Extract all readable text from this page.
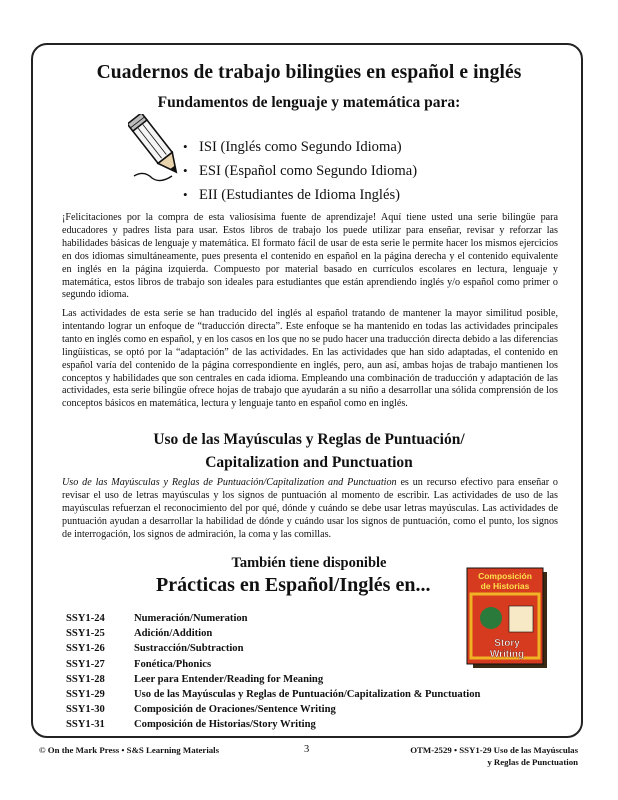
Cuadernos de trabajo bilingües en español e inglés
Fundamentos de lenguaje y matemática para:
• ISI (Inglés como Segundo Idioma)
• ESI (Español como Segundo Idioma)
• EII (Estudiantes de Idioma Inglés)

¡Felicitaciones por la compra de esta valiosísima fuente de aprendizaje! Aquí tiene usted una serie bilingüe para educadores y padres lista para usar. Estos libros de trabajo los puede utilizar para enseñar, revisar y reforzar las habilidades básicas de lenguaje y matemática. El formato fácil de usar de esta serie le permite hacer los mismos ejercicios en dos idiomas simultáneamente, pues presenta el contenido en español en la página derecha y el contenido equivalente en inglés en la página izquierda. Compuesto por material basado en currículos escolares en lectura, lenguaje y matemática, estos libros de trabajo son ideales para estudiantes que están aprendiendo inglés y/o español como primer o segundo idioma.

Las actividades de esta serie se han traducido del inglés al español tratando de mantener la mayor similitud posible, intentando lograr un enfoque de “traducción directa”. Este enfoque se ha mantenido en todas las actividades principales tanto en inglés como en español, y en los casos en los que no se pudo hacer una traducción directa debido a las diferencias lingüísticas, se optó por la “adaptación” de las actividades. En las actividades que han sido adaptadas, el contenido en español varía del contenido de la página correspondiente en inglés, pero, aun así, ambas hojas de trabajo mantienen los conceptos y habilidades que son centrales en cada idioma. Empleando una combinación de traducción y adaptación de las actividades, esta serie bilingüe ofrece hojas de trabajo que ayudarán a su niño a desarrollar una sólida comprensión de los conceptos básicos en matemática, lectura y lenguaje tanto en español como en inglés.

Uso de las Mayúsculas y Reglas de Puntuación/
Capitalization and Punctuation

Uso de las Mayúsculas y Reglas de Puntuación/Capitalization and Punctuation es un recurso efectivo para enseñar o revisar el uso de letras mayúsculas y los signos de puntuación al momento de escribir. Las actividades de uso de las mayúsculas refuerzan el reconocimiento del por qué, dónde y cuándo se debe usar letras mayúsculas. Las actividades de puntuación ayudan a desarrollar la habilidad de dónde y cuándo usar los signos de puntuación, como el punto, los signos de interrogación, los signos de admiración, la coma y las comillas.

También tiene disponible
Prácticas en Español/Inglés en...
SSY1-24	Numeración/Numeration
SSY1-25	Adición/Addition
SSY1-26	Sustracción/Subtraction
SSY1-27	Fonética/Phonics
SSY1-28	Leer para Entender/Reading for Meaning
SSY1-29	Uso de las Mayúsculas y Reglas de Puntuación/Capitalization & Punctuation
SSY1-30	Composición de Oraciones/Sentence Writing
SSY1-31	Composición de Historias/Story Writing
Composición
de Historias
Story
Writing
© On the Mark Press • S&S Learning Materials	3	OTM-2529 • SSY1-29 Uso de las Mayúsculas
y Reglas de Punctuation
